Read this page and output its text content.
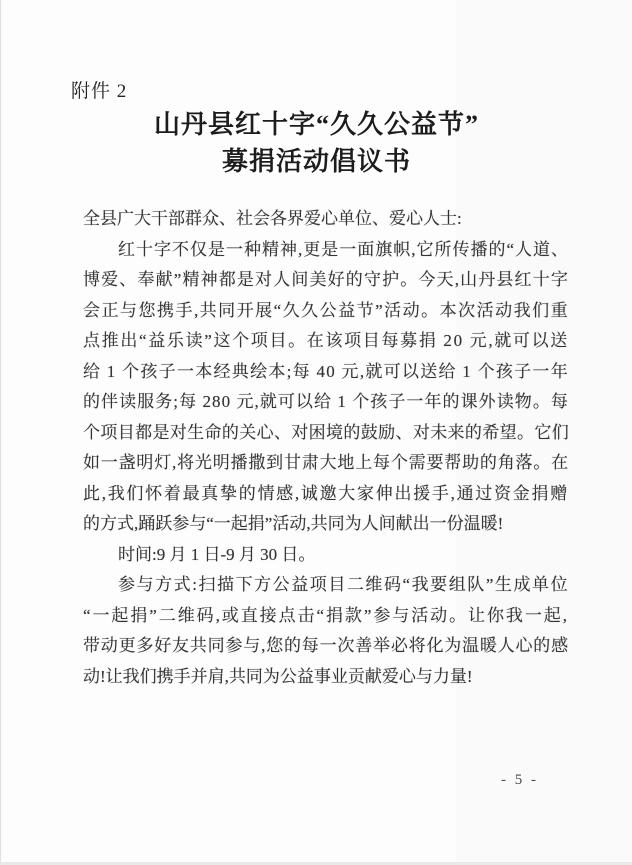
附件 2
山丹县红十字“久久公益节”
募捐活动倡议书
全县广大干部群众、社会各界爱心单位、爱心人士:
红十字不仅是一种精神,更是一面旗帜,它所传播的“人道、
博爱、奉献”精神都是对人间美好的守护。今天,山丹县红十字
会正与您携手,共同开展“久久公益节”活动。本次活动我们重
点推出“益乐读”这个项目。在该项目每募捐 20 元,就可以送
给 1 个孩子一本经典绘本;每 40 元,就可以送给 1 个孩子一年
的伴读服务;每 280 元,就可以给 1 个孩子一年的课外读物。每
个项目都是对生命的关心、对困境的鼓励、对未来的希望。它们
如一盏明灯,将光明播撒到甘肃大地上每个需要帮助的角落。在
此,我们怀着最真挚的情感,诚邀大家伸出援手,通过资金捐赠
的方式,踊跃参与“一起捐”活动,共同为人间献出一份温暖!
时间:9 月 1 日-9 月 30 日。
参与方式:扫描下方公益项目二维码“我要组队”生成单位
“一起捐”二维码,或直接点击“捐款”参与活动。让你我一起,
带动更多好友共同参与,您的每一次善举必将化为温暖人心的感
动!让我们携手并肩,共同为公益事业贡献爱心与力量!
- 5 -
